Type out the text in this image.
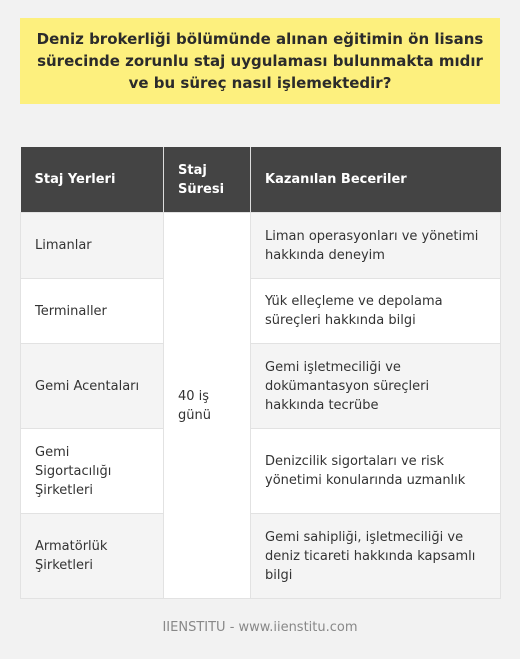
Deniz brokerliği bölümünde alınan eğitimin ön lisans sürecinde zorunlu staj uygulaması bulunmakta mıdır ve bu süreç nasıl işlemektedir?
Staj Yerleri	Staj Süresi	Kazanılan Beceriler
Limanlar	40 iş günü	Liman operasyonları ve yönetimi hakkında deneyim
Terminaller		Yük elleçleme ve depolama süreçleri hakkında bilgi
Gemi Acentaları		Gemi işletmeciliği ve dokümantasyon süreçleri hakkında tecrübe
Gemi Sigortacılığı Şirketleri		Denizcilik sigortaları ve risk yönetimi konularında uzmanlık
Armatörlük Şirketleri		Gemi sahipliği, işletmeciliği ve deniz ticareti hakkında kapsamlı bilgi
IIENSTITU - www.iienstitu.com
